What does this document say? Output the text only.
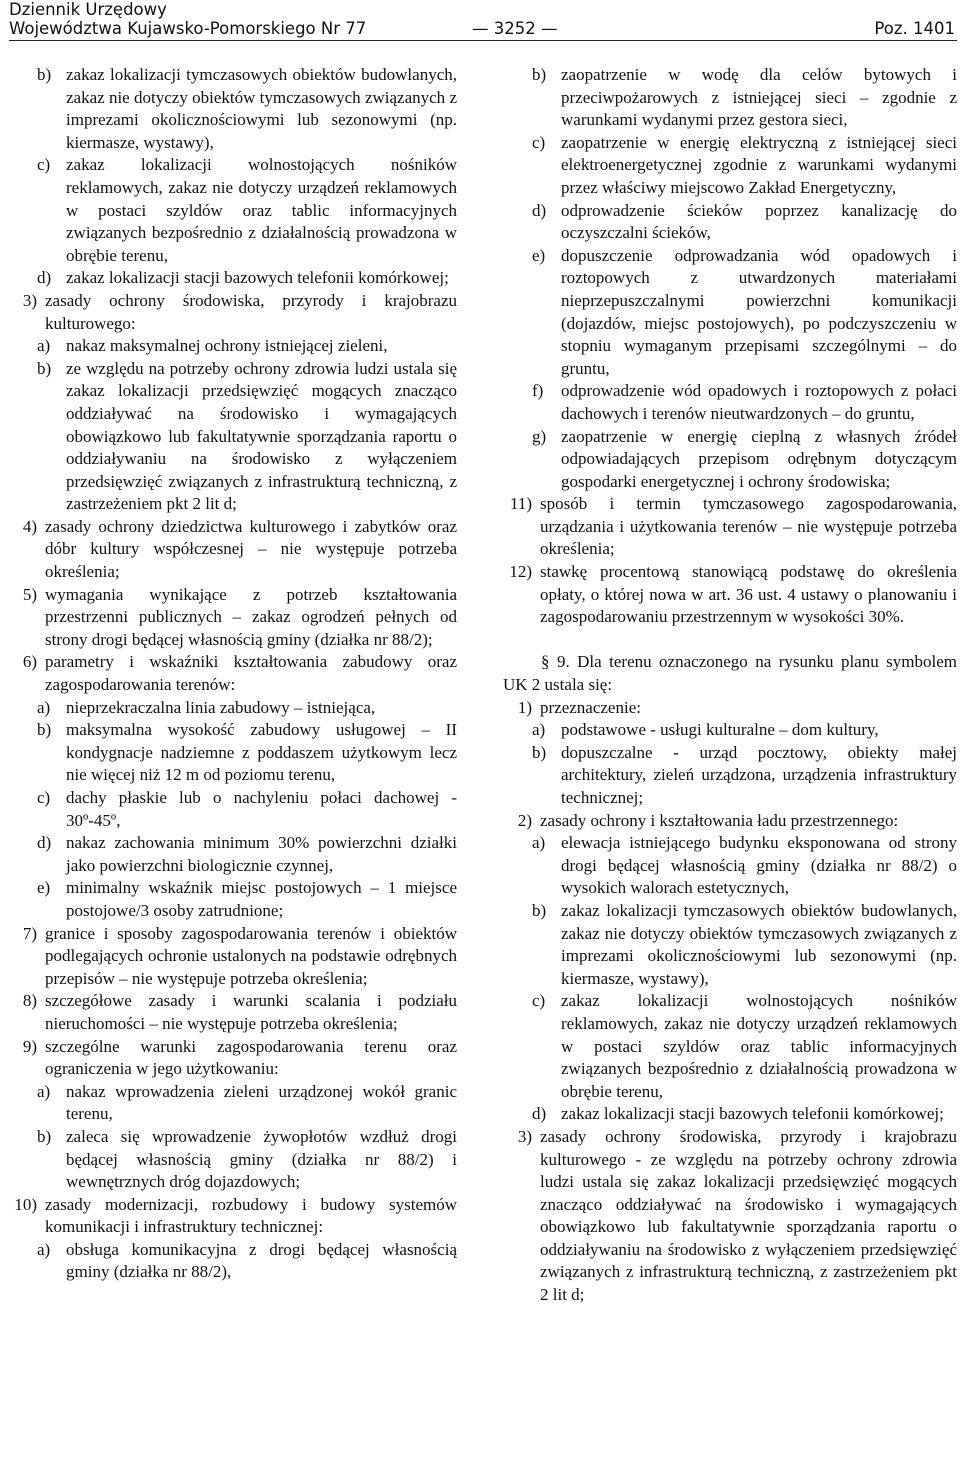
Dziennik Urzędowy
Województwa Kujawsko-Pomorskiego Nr 77	— 3252 —	Poz. 1401
b) zakaz lokalizacji tymczasowych obiektów budowlanych, zakaz nie dotyczy obiektów tymczasowych związanych z imprezami okolicznościowymi lub sezonowymi (np. kiermasze, wystawy),
c) zakaz lokalizacji wolnostojących nośników reklamowych, zakaz nie dotyczy urządzeń reklamowych w postaci szyldów oraz tablic informacyjnych związanych bezpośrednio z działalnością prowadzona w obrębie terenu,
d) zakaz lokalizacji stacji bazowych telefonii komórkowej;
3) zasady ochrony środowiska, przyrody i krajobrazu kulturowego:
a) nakaz maksymalnej ochrony istniejącej zieleni,
b) ze względu na potrzeby ochrony zdrowia ludzi ustala się zakaz lokalizacji przedsięwzięć mogących znacząco oddziaływać na środowisko i wymagających obowiązkowo lub fakultatywnie sporządzania raportu o oddziaływaniu na środowisko z wyłączeniem przedsięwzięć związanych z infrastrukturą techniczną, z zastrzeżeniem pkt 2 lit d;
4) zasady ochrony dziedzictwa kulturowego i zabytków oraz dóbr kultury współczesnej – nie występuje potrzeba określenia;
5) wymagania wynikające z potrzeb kształtowania przestrzenni publicznych – zakaz ogrodzeń pełnych od strony drogi będącej własnością gminy (działka nr 88/2);
6) parametry i wskaźniki kształtowania zabudowy oraz zagospodarowania terenów:
a) nieprzekraczalna linia zabudowy – istniejąca,
b) maksymalna wysokość zabudowy usługowej – II kondygnacje nadziemne z poddaszem użytkowym lecz nie więcej niż 12 m od poziomu terenu,
c) dachy płaskie lub o nachyleniu połaci dachowej - 30º-45º,
d) nakaz zachowania minimum 30% powierzchni działki jako powierzchni biologicznie czynnej,
e) minimalny wskaźnik miejsc postojowych – 1 miejsce postojowe/3 osoby zatrudnione;
7) granice i sposoby zagospodarowania terenów i obiektów podlegających ochronie ustalonych na podstawie odrębnych przepisów – nie występuje potrzeba określenia;
8) szczegółowe zasady i warunki scalania i podziału nieruchomości – nie występuje potrzeba określenia;
9) szczególne warunki zagospodarowania terenu oraz ograniczenia w jego użytkowaniu:
a) nakaz wprowadzenia zieleni urządzonej wokół granic terenu,
b) zaleca się wprowadzenie żywopłotów wzdłuż drogi będącej własnością gminy (działka nr 88/2) i wewnętrznych dróg dojazdowych;
10) zasady modernizacji, rozbudowy i budowy systemów komunikacji i infrastruktury technicznej:
a) obsługa komunikacyjna z drogi będącej własnością gminy (działka nr 88/2),
b) zaopatrzenie w wodę dla celów bytowych i przeciwpożarowych z istniejącej sieci – zgodnie z warunkami wydanymi przez gestora sieci,
c) zaopatrzenie w energię elektryczną z istniejącej sieci elektroenergetycznej zgodnie z warunkami wydanymi przez właściwy miejscowo Zakład Energetyczny,
d) odprowadzenie ścieków poprzez kanalizację do oczyszczalni ścieków,
e) dopuszczenie odprowadzania wód opadowych i roztopowych z utwardzonych materiałami nieprzepuszczalnymi powierzchni komunikacji (dojazdów, miejsc postojowych), po podczyszczeniu w stopniu wymaganym przepisami szczególnymi – do gruntu,
f)	odprowadzenie wód opadowych i roztopowych z połaci dachowych i terenów nieutwardzonych – do gruntu,
g) zaopatrzenie w energię cieplną z własnych źródeł odpowiadających przepisom odrębnym dotyczącym gospodarki energetycznej i ochrony środowiska;
11) sposób i termin tymczasowego zagospodarowania, urządzania i użytkowania terenów – nie występuje potrzeba określenia;
12) stawkę procentową stanowiącą podstawę do określenia opłaty, o której nowa w art. 36 ust. 4 ustawy o planowaniu i zagospodarowaniu przestrzennym w wysokości 30%.
§ 9. Dla terenu oznaczonego na rysunku planu symbolem UK 2 ustala się:
1) przeznaczenie:
a) podstawowe - usługi kulturalne – dom kultury,
b) dopuszczalne - urząd pocztowy, obiekty małej architektury, zieleń urządzona, urządzenia infrastruktury technicznej;
2) zasady ochrony i kształtowania ładu przestrzennego:
a) elewacja istniejącego budynku eksponowana od strony drogi będącej własnością gminy (działka nr 88/2) o wysokich walorach estetycznych,
b) zakaz lokalizacji tymczasowych obiektów budowlanych, zakaz nie dotyczy obiektów tymczasowych związanych z imprezami okolicznościowymi lub sezonowymi (np. kiermasze, wystawy),
c) zakaz lokalizacji wolnostojących nośników reklamowych, zakaz nie dotyczy urządzeń reklamowych w postaci szyldów oraz tablic informacyjnych związanych bezpośrednio z działalnością prowadzona w obrębie terenu,
d) zakaz lokalizacji stacji bazowych telefonii komórkowej;
3) zasady ochrony środowiska, przyrody i krajobrazu kulturowego - ze względu na potrzeby ochrony zdrowia ludzi ustala się zakaz lokalizacji przedsięwzięć mogących znacząco oddziaływać na środowisko i wymagających obowiązkowo lub fakultatywnie sporządzania raportu o oddziaływaniu na środowisko z wyłączeniem przedsięwzięć związanych z infrastrukturą techniczną, z zastrzeżeniem pkt 2 lit d;
